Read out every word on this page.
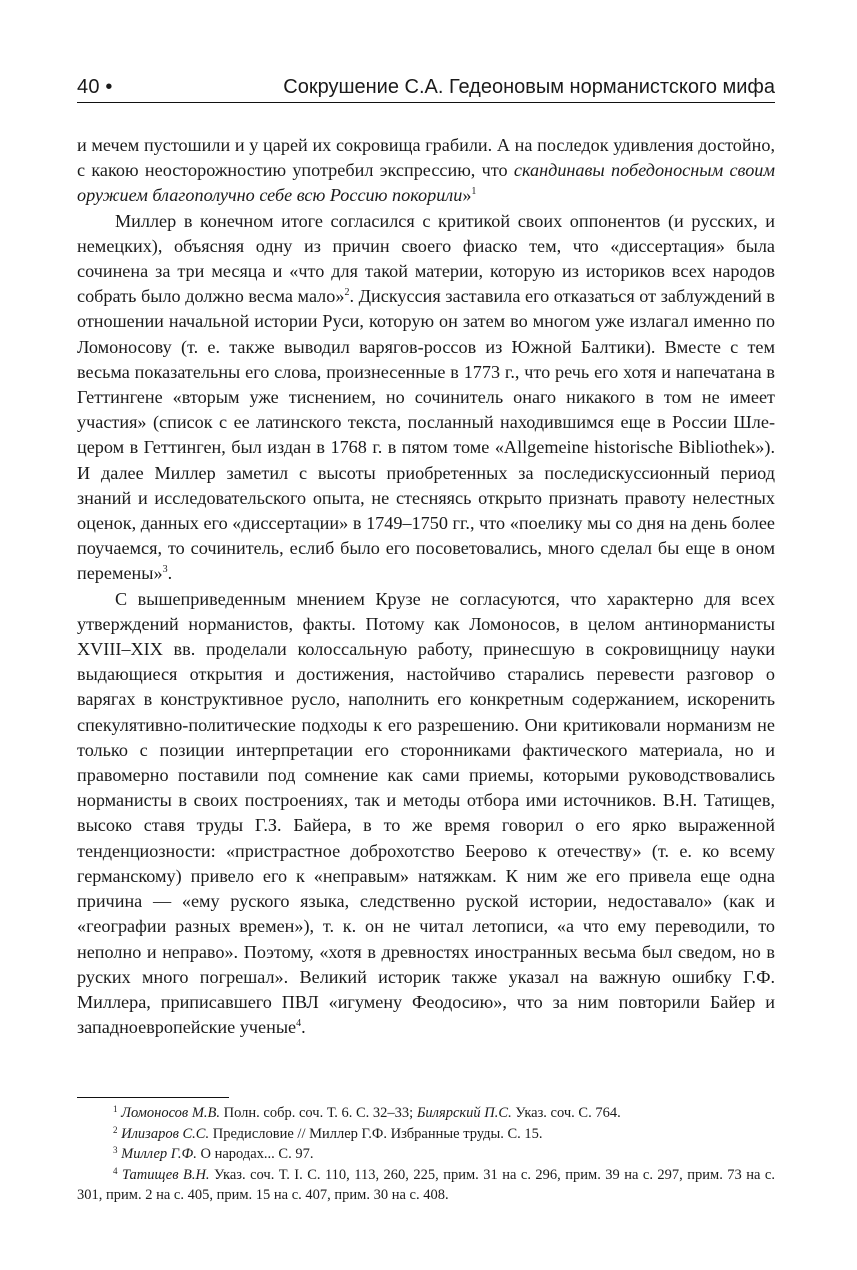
40 •	Сокрушение С.А. Гедеоновым норманистского мифа

и мечем пустошили и у царей их сокровища грабили. А на последок удивления достойно, с какою неосторожностию употребил экспрессию, что скандинавы победоносным своим оружием благополучно себе всю Россию покорили»$^1$

Миллер в конечном итоге согласился с критикой своих оппонентов (и русских, и немецких), объясняя одну из причин своего фиаско тем, что «диссертация» была сочинена за три месяца и «что для такой материи, которую из историков всех народов собрать было должно весма мало»$^2$. Дискуссия заставила его отказаться от заблуждений в отношении начальной истории Руси, которую он затем во многом уже излагал именно по Ломоносову (т. е. также выводил варягов-россов из Южной Балтики). Вместе с тем весьма показательны его слова, произнесенные в 1773 г., что речь его хотя и напечатана в Геттингене «вторым уже тиснением, но сочинитель онаго никакого в том не имеет участия» (список с ее латинского текста, посланный находившимся еще в России Шлецером в Геттинген, был издан в 1768 г. в пятом томе «Allgemeine historische Bibliothek»). И далее Миллер заметил с высоты приобретенных за последискуссионный период знаний и исследовательского опыта, не стесняясь открыто признать правоту нелестных оценок, данных его «диссертации» в 1749–1750 гг., что «поелику мы со дня на день более поучаемся, то сочинитель, еслиб было его посоветовались, много сделал бы еще в оном перемены»$^3$.

С вышеприведенным мнением Крузе не согласуются, что характерно для всех утверждений норманистов, факты. Потому как Ломоносов, в целом антинорманисты XVIII–XIX вв. проделали колоссальную работу, принесшую в сокровищницу науки выдающиеся открытия и достижения, настойчиво старались перевести разговор о варягах в конструктивное русло, наполнить его конкретным содержанием, искоренить спекулятивно-политические подходы к его разрешению. Они критиковали норманизм не только с позиции интерпретации его сторонниками фактического материала, но и правомерно поставили под сомнение как сами приемы, которыми руководствовались норманисты в своих построениях, так и методы отбора ими источников. В.Н. Татищев, высоко ставя труды Г.З. Байера, в то же время говорил о его ярко выраженной тенденциозности: «пристрастное доброхотство Беерово к отечеству» (т. е. ко всему германскому) привело его к «неправым» натяжкам. К ним же его привела еще одна причина — «ему руского языка, следственно руской истории, недоставало» (как и «географии разных времен»), т. к. он не читал летописи, «а что ему переводили, то неполно и неправо». Поэтому, «хотя в древностях иностранных весьма был сведом, но в руских много погрешал». Великий историк также указал на важную ошибку Г.Ф. Миллера, приписавшего ПВЛ «игумену Феодосию», что за ним повторили Байер и западноевропейские ученые$^4$.

$^1$ Ломоносов М.В. Полн. собр. соч. Т. 6. С. 32–33; Билярский П.С. Указ. соч. С. 764.

$^2$ Илизаров С.С. Предисловие // Миллер Г.Ф. Избранные труды. С. 15.

$^3$ Миллер Г.Ф. О народах... С. 97.

$^4$ Татищев В.Н. Указ. соч. Т. I. С. 110, 113, 260, 225, прим. 31 на с. 296, прим. 39 на с. 297, прим. 73 на с. 301, прим. 2 на с. 405, прим. 15 на с. 407, прим. 30 на с. 408.
